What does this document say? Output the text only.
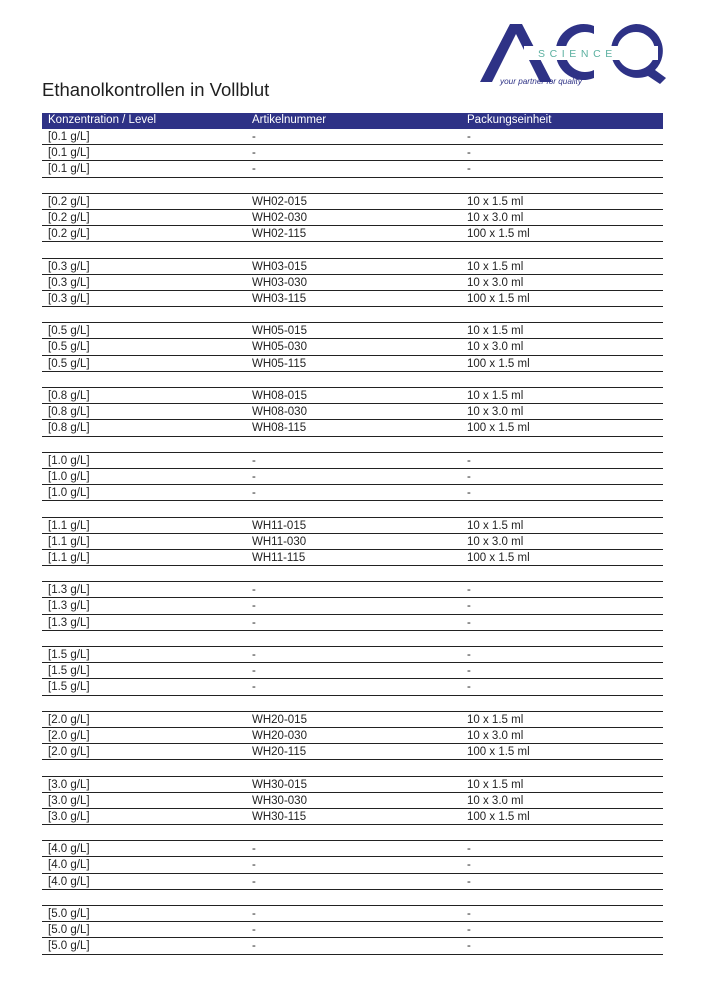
SCIENCE
your partner for quality
Ethanolkontrollen in Vollblut
Konzentration / Level	Artikelnummer	Packungseinheit
[0.1 g/L]	-	-
[0.1 g/L]	-	-
[0.1 g/L]	-	-
[0.2 g/L]	WH02-015	10 x 1.5 ml
[0.2 g/L]	WH02-030	10 x 3.0 ml
[0.2 g/L]	WH02-115	100 x 1.5 ml
[0.3 g/L]	WH03-015	10 x 1.5 ml
[0.3 g/L]	WH03-030	10 x 3.0 ml
[0.3 g/L]	WH03-115	100 x 1.5 ml
[0.5 g/L]	WH05-015	10 x 1.5 ml
[0.5 g/L]	WH05-030	10 x 3.0 ml
[0.5 g/L]	WH05-115	100 x 1.5 ml
[0.8 g/L]	WH08-015	10 x 1.5 ml
[0.8 g/L]	WH08-030	10 x 3.0 ml
[0.8 g/L]	WH08-115	100 x 1.5 ml
[1.0 g/L]	-	-
[1.0 g/L]	-	-
[1.0 g/L]	-	-
[1.1 g/L]	WH11-015	10 x 1.5 ml
[1.1 g/L]	WH11-030	10 x 3.0 ml
[1.1 g/L]	WH11-115	100 x 1.5 ml
[1.3 g/L]	-	-
[1.3 g/L]	-	-
[1.3 g/L]	-	-
[1.5 g/L]	-	-
[1.5 g/L]	-	-
[1.5 g/L]	-	-
[2.0 g/L]	WH20-015	10 x 1.5 ml
[2.0 g/L]	WH20-030	10 x 3.0 ml
[2.0 g/L]	WH20-115	100 x 1.5 ml
[3.0 g/L]	WH30-015	10 x 1.5 ml
[3.0 g/L]	WH30-030	10 x 3.0 ml
[3.0 g/L]	WH30-115	100 x 1.5 ml
[4.0 g/L]	-	-
[4.0 g/L]	-	-
[4.0 g/L]	-	-
[5.0 g/L]	-	-
[5.0 g/L]	-	-
[5.0 g/L]	-	-
